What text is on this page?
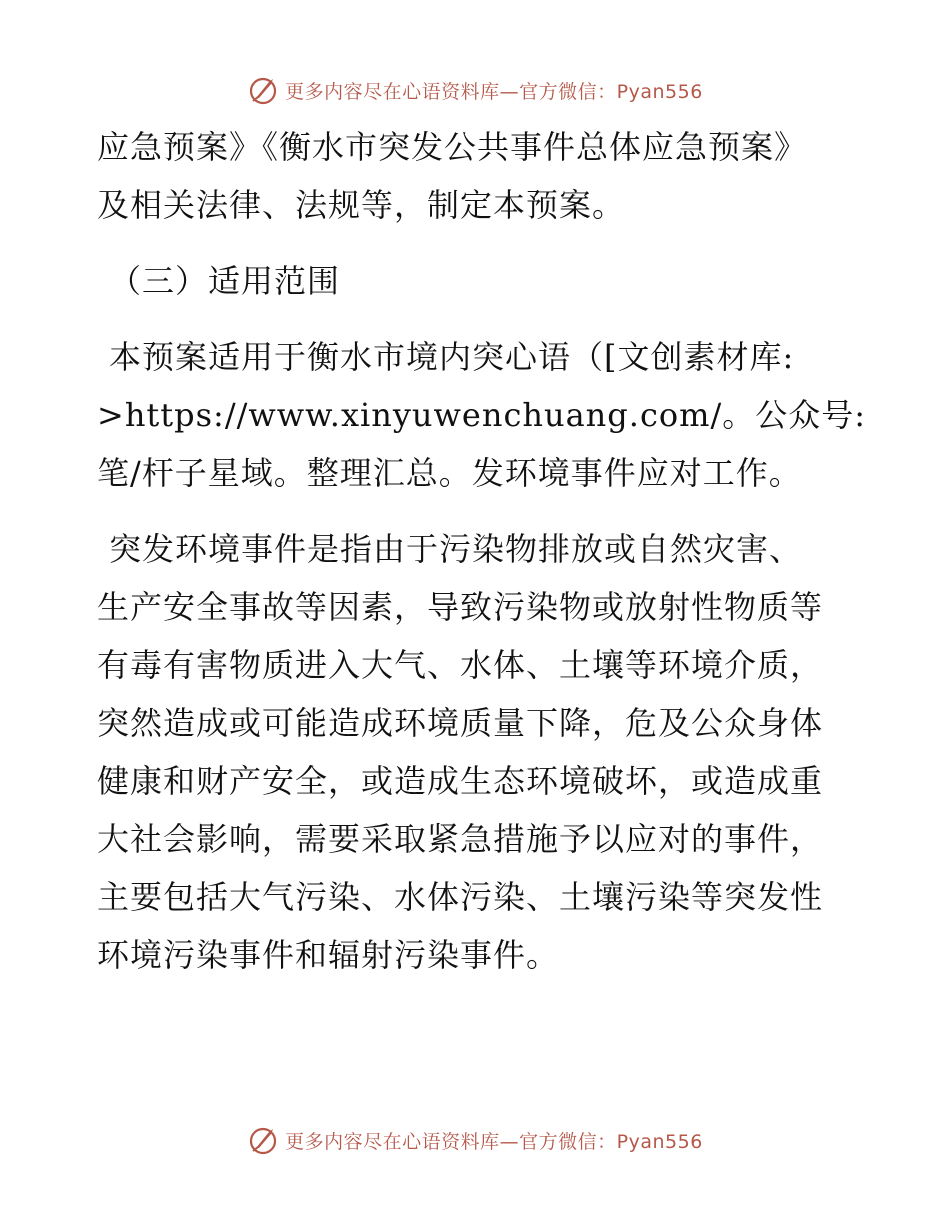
更多内容尽在心语资料库—官方微信：Pyan556
应急预案》《衡水市突发公共事件总体应急预案》
及相关法律、法规等，制定本预案。
（三）适用范围
本预案适用于衡水市境内突心语（[文创素材库:
>https://www.xinyuwenchuang.com/。公众号:
笔/杆子星域。整理汇总。发环境事件应对工作。
突发环境事件是指由于污染物排放或自然灾害、
生产安全事故等因素，导致污染物或放射性物质等
有毒有害物质进入大气、水体、土壤等环境介质，
突然造成或可能造成环境质量下降，危及公众身体
健康和财产安全，或造成生态环境破坏，或造成重
大社会影响，需要采取紧急措施予以应对的事件，
主要包括大气污染、水体污染、土壤污染等突发性
环境污染事件和辐射污染事件。
更多内容尽在心语资料库—官方微信：Pyan556
